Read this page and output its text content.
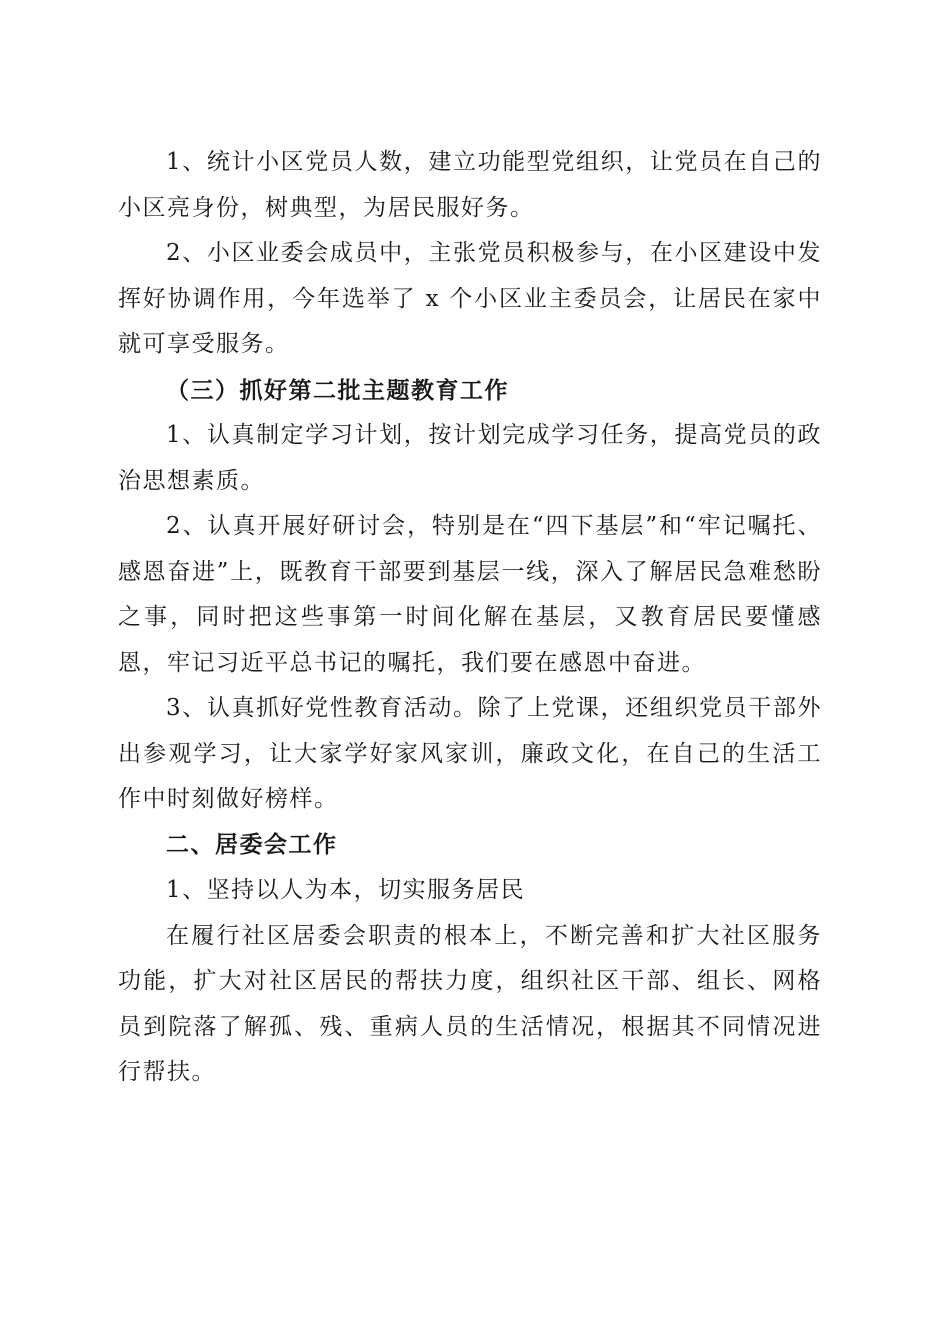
1、统计小区党员人数，建立功能型党组织，让党员在自己的小区亮身份，树典型，为居民服好务。

2、小区业委会成员中，主张党员积极参与，在小区建设中发挥好协调作用，今年选举了 x 个小区业主委员会，让居民在家中就可享受服务。

（三）抓好第二批主题教育工作

1、认真制定学习计划，按计划完成学习任务，提高党员的政治思想素质。

2、认真开展好研讨会，特别是在“四下基层”和“牢记嘱托、感恩奋进”上，既教育干部要到基层一线，深入了解居民急难愁盼之事，同时把这些事第一时间化解在基层，又教育居民要懂感恩，牢记习近平总书记的嘱托，我们要在感恩中奋进。

3、认真抓好党性教育活动。除了上党课，还组织党员干部外出参观学习，让大家学好家风家训，廉政文化，在自己的生活工作中时刻做好榜样。

二、居委会工作

1、坚持以人为本，切实服务居民

在履行社区居委会职责的根本上，不断完善和扩大社区服务功能，扩大对社区居民的帮扶力度，组织社区干部、组长、网格员到院落了解孤、残、重病人员的生活情况，根据其不同情况进行帮扶。
